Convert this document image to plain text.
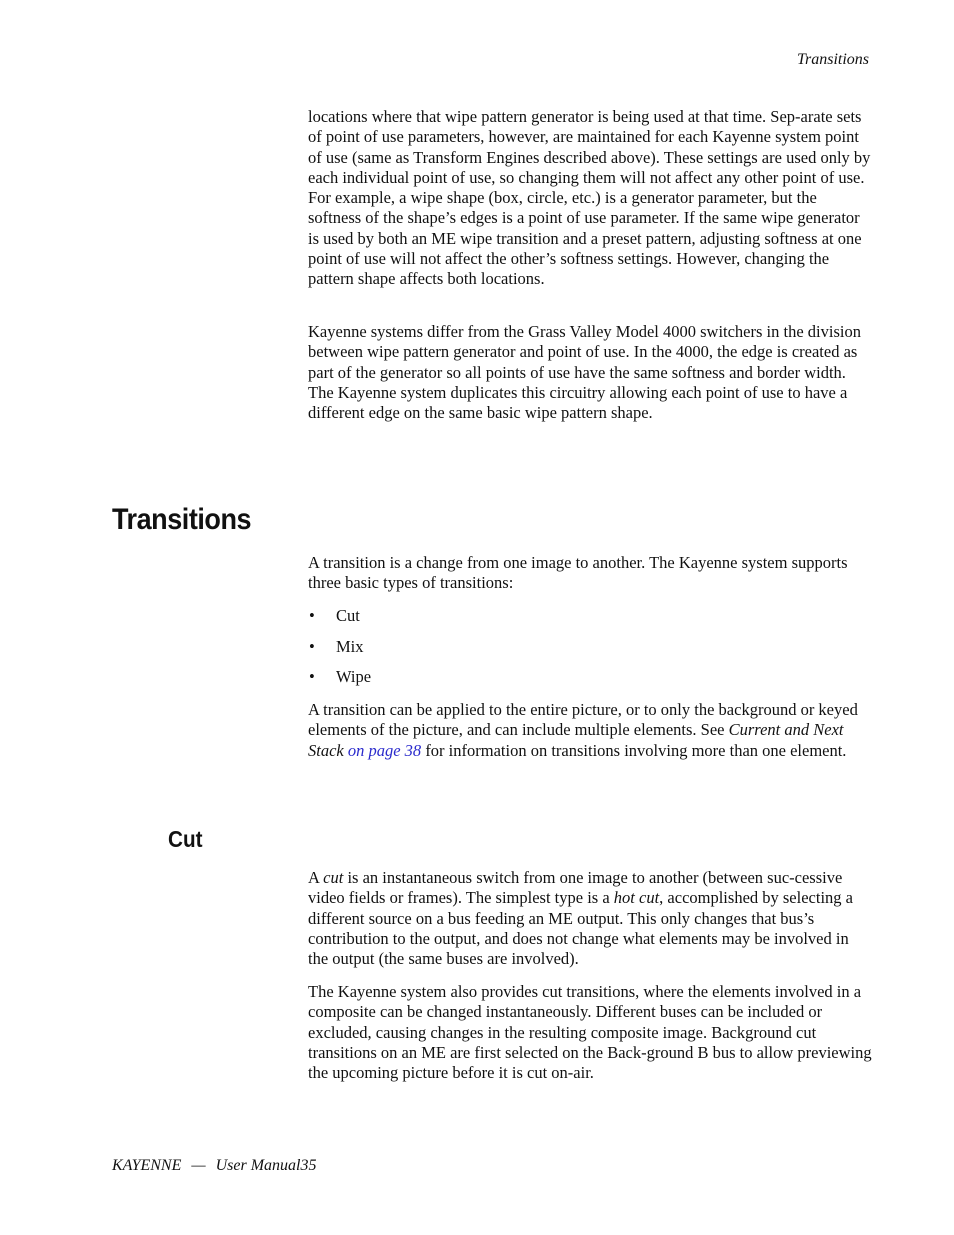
Transitions

locations where that wipe pattern generator is being used at that time. Sep-arate sets of point of use parameters, however, are maintained for each Kayenne system point of use (same as Transform Engines described above). These settings are used only by each individual point of use, so changing them will not affect any other point of use. For example, a wipe shape (box, circle, etc.) is a generator parameter, but the softness of the shape’s edges is a point of use parameter. If the same wipe generator is used by both an ME wipe transition and a preset pattern, adjusting softness at one point of use will not affect the other’s softness settings. However, changing the pattern shape affects both locations.

Kayenne systems differ from the Grass Valley Model 4000 switchers in the division between wipe pattern generator and point of use. In the 4000, the edge is created as part of the generator so all points of use have the same softness and border width. The Kayenne system duplicates this circuitry allowing each point of use to have a different edge on the same basic wipe pattern shape.

Transitions

A transition is a change from one image to another. The Kayenne system supports three basic types of transitions:

• Cut
• Mix
• Wipe

A transition can be applied to the entire picture, or to only the background or keyed elements of the picture, and can include multiple elements. See Current and Next Stack on page 38 for information on transitions involving more than one element.

Cut

A cut is an instantaneous switch from one image to another (between suc-cessive video fields or frames). The simplest type is a hot cut, accomplished by selecting a different source on a bus feeding an ME output. This only changes that bus’s contribution to the output, and does not change what elements may be involved in the output (the same buses are involved).

The Kayenne system also provides cut transitions, where the elements involved in a composite can be changed instantaneously. Different buses can be included or excluded, causing changes in the resulting composite image. Background cut transitions on an ME are first selected on the Back-ground B bus to allow previewing the upcoming picture before it is cut on-air.

KAYENNE — User Manual35
